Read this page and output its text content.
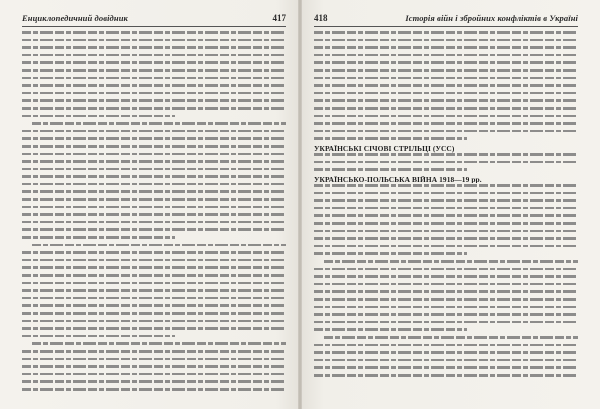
Енциклопедичний довідник	417	418	Історія війн і збройних конфліктів в Україні
УКРАЇНСЬКІ СІЧОВІ СТРІЛЬЦІ (УСС)
УКРАЇНСЬКО-ПОЛЬСЬКА ВІЙНА 1918—19 рр.
